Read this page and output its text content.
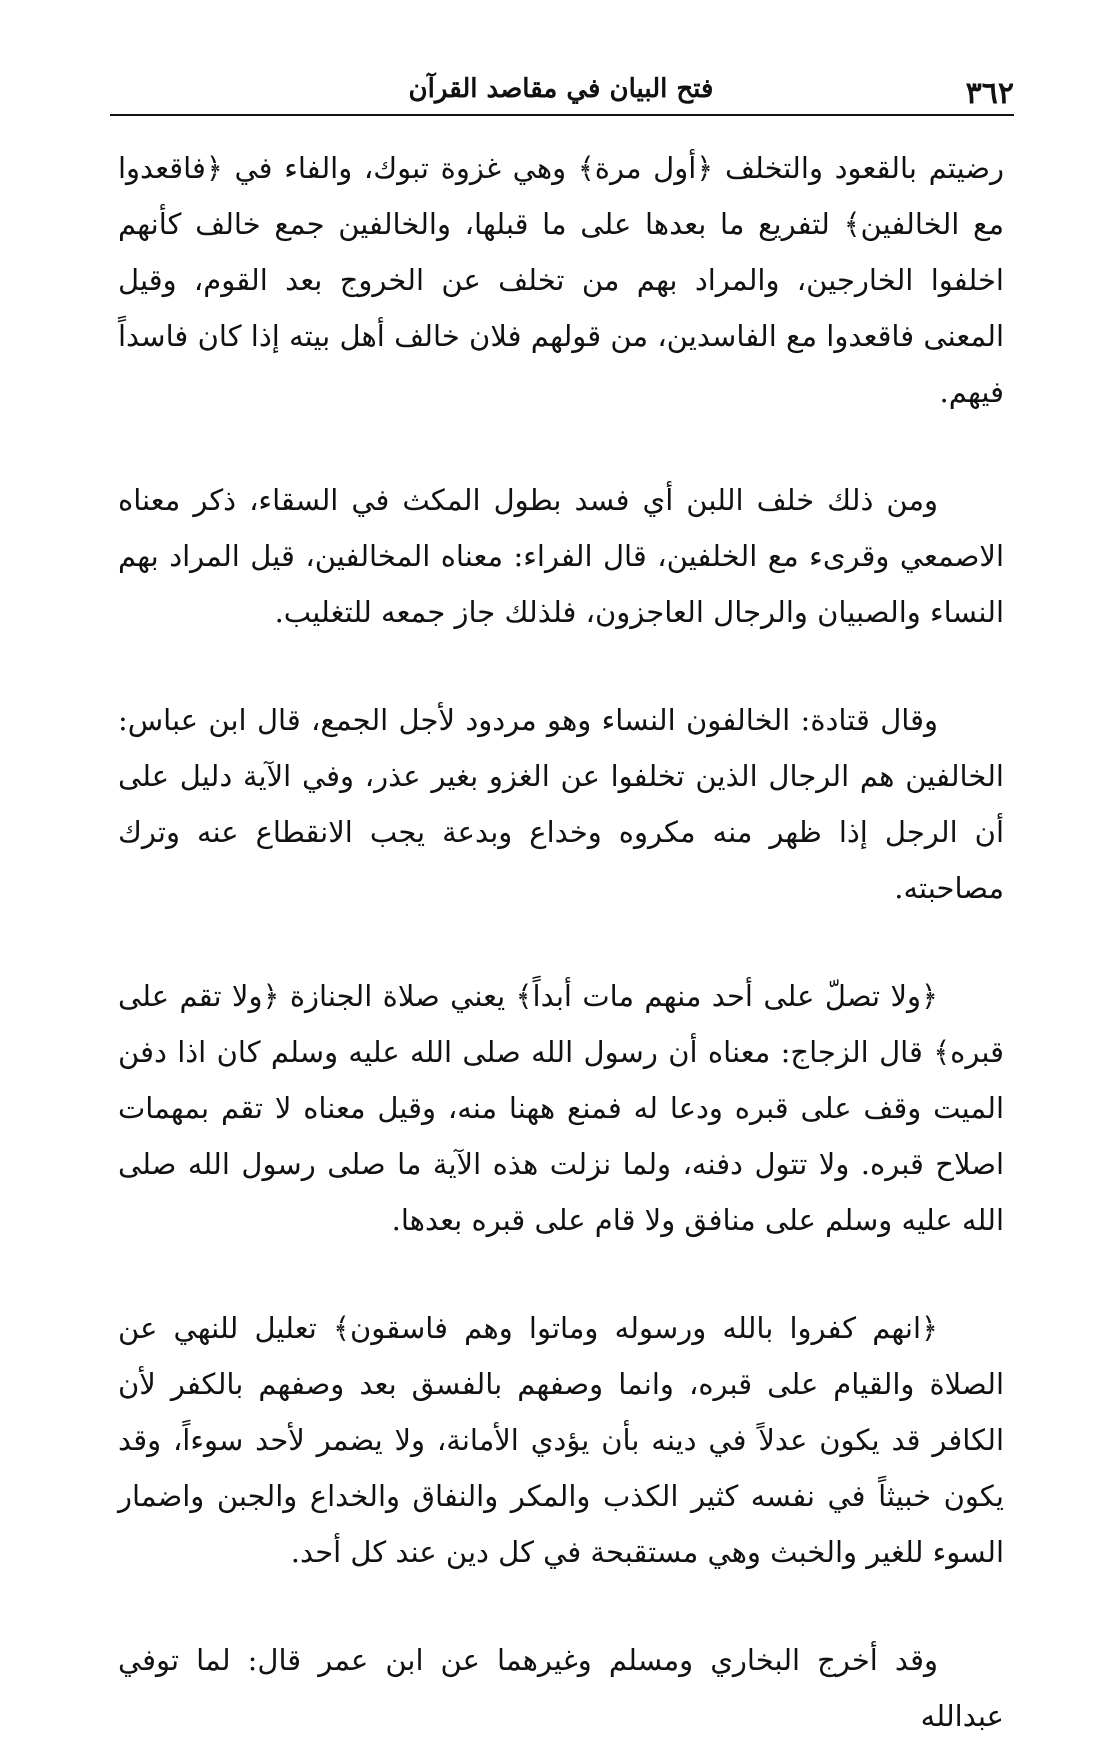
٣٦٢
فتح البيان في مقاصد القرآن

رضيتم بالقعود والتخلف ﴿أول مرة﴾ وهي غزوة تبوك، والفاء في ﴿فاقعدوا مع الخالفين﴾ لتفريع ما بعدها على ما قبلها، والخالفين جمع خالف كأنهم اخلفوا الخارجين، والمراد بهم من تخلف عن الخروج بعد القوم، وقيل المعنى فاقعدوا مع الفاسدين، من قولهم فلان خالف أهل بيته إذا كان فاسداً فيهم.

ومن ذلك خلف اللبن أي فسد بطول المكث في السقاء، ذكر معناه الاصمعي وقرىء مع الخلفين، قال الفراء: معناه المخالفين، قيل المراد بهم النساء والصبيان والرجال العاجزون، فلذلك جاز جمعه للتغليب.

وقال قتادة: الخالفون النساء وهو مردود لأجل الجمع، قال ابن عباس: الخالفين هم الرجال الذين تخلفوا عن الغزو بغير عذر، وفي الآية دليل على أن الرجل إذا ظهر منه مكروه وخداع وبدعة يجب الانقطاع عنه وترك مصاحبته.

﴿ولا تصلّ على أحد منهم مات أبداً﴾ يعني صلاة الجنازة ﴿ولا تقم على قبره﴾ قال الزجاج: معناه أن رسول الله صلى الله عليه وسلم كان اذا دفن الميت وقف على قبره ودعا له فمنع ههنا منه، وقيل معناه لا تقم بمهمات اصلاح قبره. ولا تتول دفنه، ولما نزلت هذه الآية ما صلى رسول الله صلى الله عليه وسلم على منافق ولا قام على قبره بعدها.

﴿انهم كفروا بالله ورسوله وماتوا وهم فاسقون﴾ تعليل للنهي عن الصلاة والقيام على قبره، وانما وصفهم بالفسق بعد وصفهم بالكفر لأن الكافر قد يكون عدلاً في دينه بأن يؤدي الأمانة، ولا يضمر لأحد سوءاً، وقد يكون خبيثاً في نفسه كثير الكذب والمكر والنفاق والخداع والجبن واضمار السوء للغير والخبث وهي مستقبحة في كل دين عند كل أحد.

وقد أخرج البخاري ومسلم وغيرهما عن ابن عمر قال: لما توفي عبدالله
